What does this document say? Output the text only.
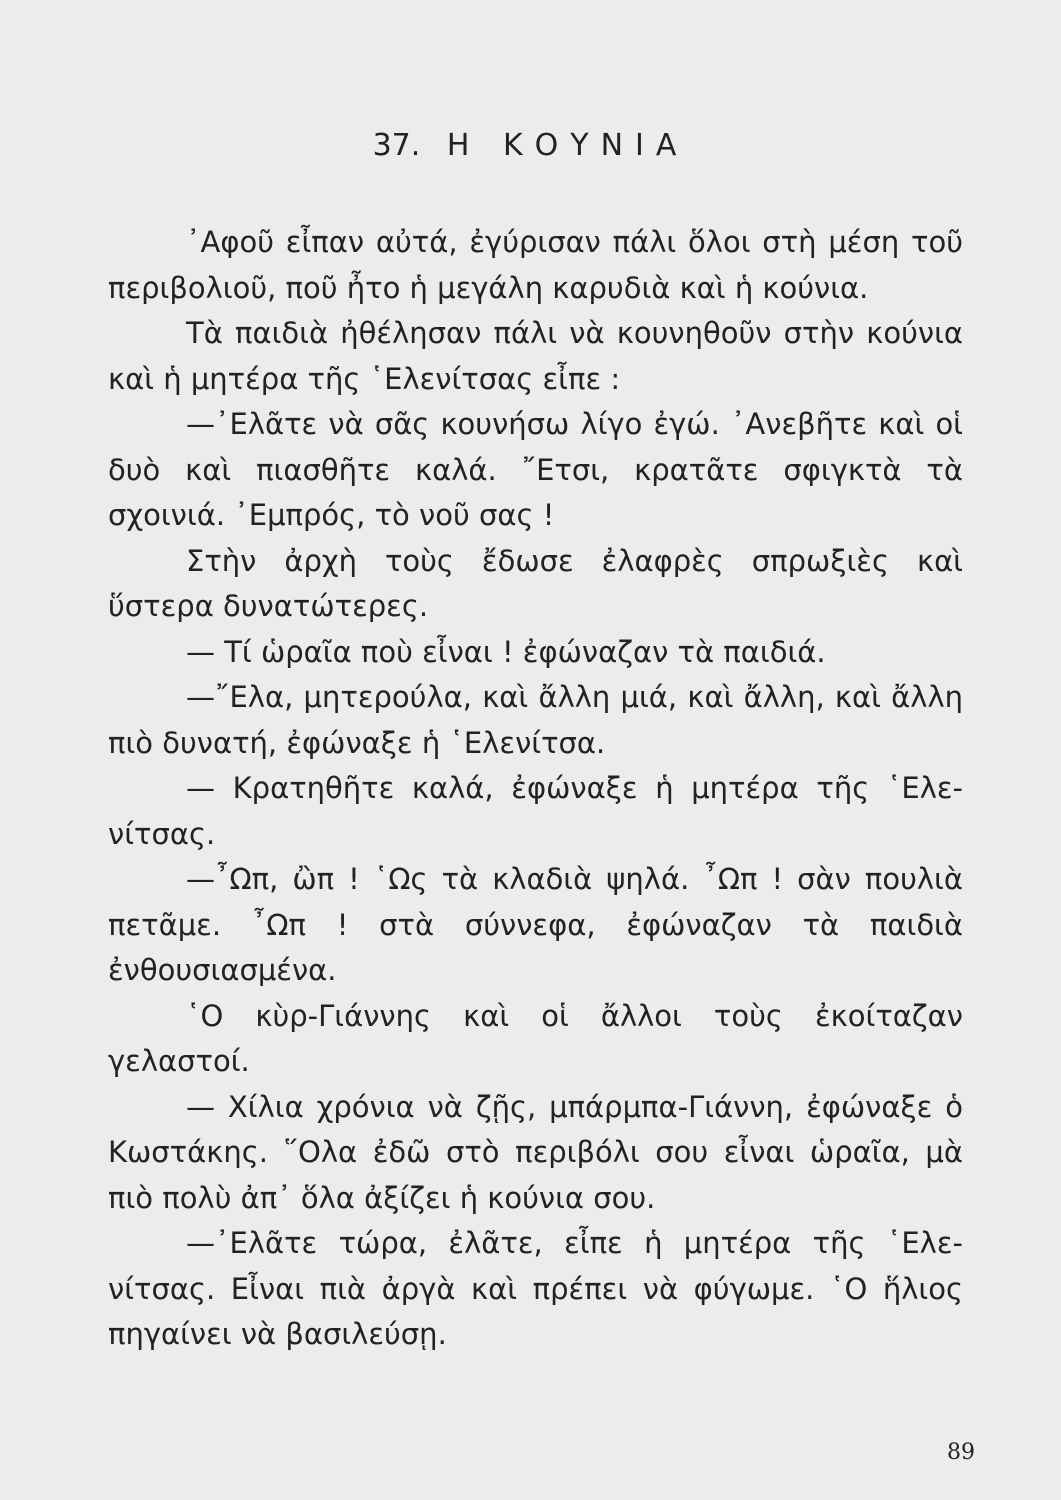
37. Η ΚΟΥΝΙΑ

᾿Αφοῦ εἶπαν αὐτά, ἐγύρισαν πάλι ὅλοι στὴ μέση τοῦ περιβολιοῦ, ποῦ ἦτο ἡ μεγάλη καρυδιὰ καὶ ἡ κούνια.

Τὰ παιδιὰ ἠθέλησαν πάλι νὰ κουνηθοῦν στὴν κούνια καὶ ἡ μητέρα τῆς ῾Ελενίτσας εἶπε :

—᾿Ελᾶτε νὰ σᾶς κουνήσω λίγο ἐγώ. ᾿Ανεβῆτε καὶ οἱ δυὸ καὶ πιασθῆτε καλά. ῎Ετσι, κρατᾶτε σφιγκτὰ τὰ σχοινιά. ᾿Εμπρός, τὸ νοῦ σας !

Στὴν ἀρχὴ τοὺς ἔδωσε ἐλαφρὲς σπρωξιὲς καὶ ὕστερα δυνατώτερες.

— Τί ὡραῖα ποὺ εἶναι ! ἐφώναζαν τὰ παιδιά.

—῎Ελα, μητερούλα, καὶ ἄλλη μιά, καὶ ἄλλη, καὶ ἄλλη πιὸ δυνατή, ἐφώναξε ἡ ῾Ελενίτσα.

— Κρατηθῆτε καλά, ἐφώναξε ἡ μητέρα τῆς ῾Ελενίτσας.

—῏Ωπ, ὢπ ! ῾Ως τὰ κλαδιὰ ψηλά. ῏Ωπ ! σὰν πουλιὰ πετᾶμε. ῏Ωπ ! στὰ σύννεφα, ἐφώναζαν τὰ παιδιὰ ἐνθουσιασμένα.

῾Ο κὺρ-Γιάννης καὶ οἱ ἄλλοι τοὺς ἐκοίταζαν γελαστοί.

— Χίλια χρόνια νὰ ζῇς, μπάρμπα-Γιάννη, ἐφώναξε ὁ Κωστάκης. ῞Ολα ἐδῶ στὸ περιβόλι σου εἶναι ὡραῖα, μὰ πιὸ πολὺ ἀπ᾿ ὅλα ἀξίζει ἡ κούνια σου.

—᾿Ελᾶτε τώρα, ἐλᾶτε, εἶπε ἡ μητέρα τῆς ῾Ελενίτσας. Εἶναι πιὰ ἀργὰ καὶ πρέπει νὰ φύγωμε. ῾Ο ἥλιος πηγαίνει νὰ βασιλεύσῃ.

89
